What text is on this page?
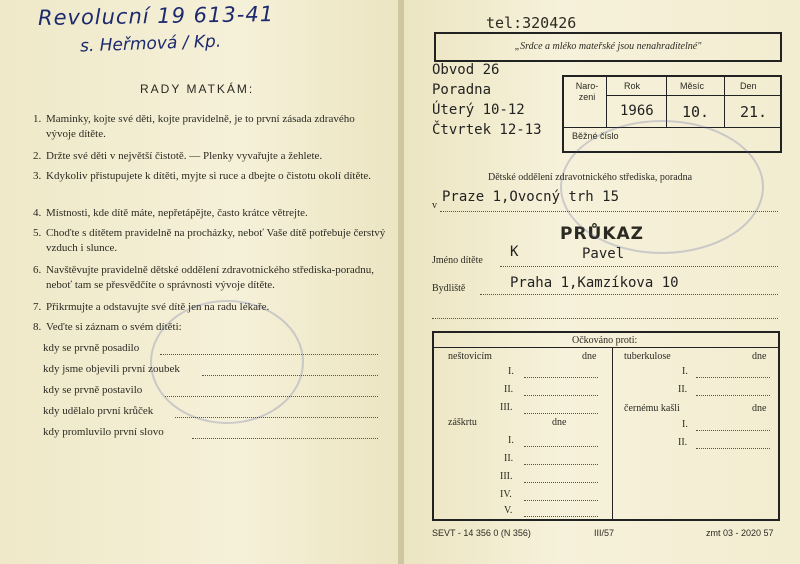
Revolucní 19 613-41
s. Heřmová / Kp.
RADY MATKÁM:
1. Maminky, kojte své děti, kojte pravidelně, je to první zásada zdravého vývoje dítěte.
2. Držte své děti v největší čistotě. — Plenky vyvařujte a žehlete.
3. Kdykoliv přistupujete k dítěti, myjte si ruce a dbejte o čistotu okolí dítěte.
4. Místnosti, kde dítě máte, nepřetápějte, často krátce větrejte.
5. Choďte s dítětem pravidelně na procházky, neboť Vaše dítě potřebuje čerstvý vzduch i slunce.
6. Navštěvujte pravidelně dětské oddělení zdravotnického střediska-poradnu, neboť tam se přesvědčíte o správnosti vývoje dítěte.
7. Přikrmujte a odstavujte své dítě jen na radu lékaře.
8. Veďte si záznam o svém dítěti:
kdy se prvně posadilo
kdy jsme objevili první zoubek
kdy se prvně postavilo
kdy udělalo první krůček
kdy promluvilo první slovo
tel:320426
„Srdce a mléko mateřské jsou nenahraditelné"
Obvod 26
Poradna
Úterý 10-12
Čtvrtek 12-13
Naro-zeni
Rok	Měsíc	Den
1966 10. 21.
Běžné číslo
Dětské oddělení zdravotnického střediska, poradna
v
Praze 1,Ovocný trh 15
PRŮKAZ
Jméno dítěte
K	Pavel
Bydliště	Praha 1,Kamzíkova 10
Očkováno proti:
neštovicím	dne
I.
II.
III.
záškrtu	dne
I.
II.
III.
IV.
V.
tuberkulose	dne
I.
II.
černému kašli	dne
I.
II.
SEVT - 14 356 0 (N 356)	III/57	zmt 03 - 2020 57
